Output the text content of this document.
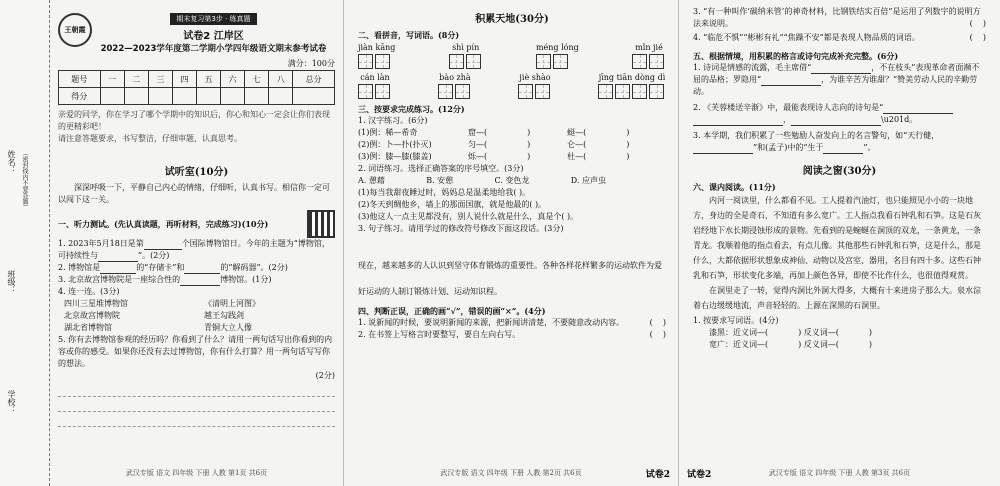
姓名： （密封线内不要答题）
班级：
学校：
王朝霞
期末复习第3步 · 练真题
试卷2 江岸区
2022—2023学年度第二学期小学四年级语文期末参考试卷
满分：100分
题号	一	二	三	四	五	六	七	八	总分
得分									
亲爱的同学，你在学习了哪个学期中的知识后，你心和知心一定会让你们表现的更精彩吧！
请注意答题要求，书写整洁，仔细审题，认真思考。
试听室(10分)
深深呼吸一下，平静自己内心的情绪，仔细听，认真书写。相信你一定可以闯下这一关。
一、听力测试。(先认真读题，再听材料，完成练习)(10分)
1. 2023年5月18日是第	个国际博物馆日。今年的主题为“博物馆，可持续性与	”。(2分)
2. 博物馆是	的“存储卡”和	的“解码器”。(2分)
3. 北京故宫博物院是一座综合性的	博物馆。(1分)
4. 连一连。(3分)
四川三星堆博物馆
北京故宫博物院
湖北省博物馆
《清明上河图》
越王勾践剑
青铜大立人像
5. 你有去博物馆参观的经历吗？你看到了什么？请用一两句话写出你看到的内容或你的感受。如果你还没有去过博物馆，你有什么打算？用一两句话写写你的想法。
(2分)
武汉专版 语文 四年级 下册 人教 第1页 共6页
积累天地(30分)
二、看拼音，写词语。(8分)
jiàn kāng	shì pín	méng lóng	mǐn jié
cán làn	bào zhà	jiè shào	jīng tiān dòng dì
三、按要求完成练习。(12分)
1. 汉字练习。(6分)
(1)例：稀—希奇	窟—(	)	蜓—(	)
(2)例：卜—扑(扑灭)	匀—(	)	仑—(	)
(3)例：膝—膝(膝盖)	烁—(	)	杜—(	)
2. 词语练习。选择正确答案的序号填空。(3分)
A. 憩藉	B. 安憩	C. 变色龙	D. 应声虫
(1)每当我甜夜睡过时，妈妈总是温柔地给我( )。
(2)冬天到绸他乡，墙上的那面国旗，就是他最的( )。
(3)他这人一点主见都没有，别人说什么就是什么，真是个( )。
3. 句子练习。请用学过的修改符号修改下面这段话。(3分)
现在，越来越多的人认识到坚守体育锻炼的重要性。各种各样花样繁多的运动软件为爱好运动的人制订锻炼计划、运动知识程。
四、判断正误，正确的画“√”，错误的画“×”。(4分)
1. 说新闻的时候，要说明新闻的来源，把新闻讲清楚，不要随意改动内容。	(    )
2. 在书签上写格言时要整写，要自左向右写。	(    )
武汉专版 语文 四年级 下册 人教 第2页 共6页	试卷2
3. “有一种叫作‘碳纳米管’的神奇材料，比钢铁结实百倍”是运用了列数字的说明方法来说明。	(    )
4. “临危不惧”“彬彬有礼”“焦躁不安”都是表现人物品质的词语。	(    )
五、根据情境，用积累的格言或诗句完成补充完整。(6分)
1. 诗词是情感的流露，毛主席借“	，不在枝头”表现革命者面濒不屈的品格；罗隐用“	，为谁辛苦为谁甜？”赞美劳动人民的辛勤劳动。
2. 《芙蓉楼送辛渐》中，最能表现诗人志向的诗句是“
，	\u201d。
3. 本学期，我们积累了一些勉励人奋发向上的名言警句，如“天行健，”和(孟子)中的“生于	”。
阅读之窗(30分)
六、课内阅读。(11分)
内河一阅读里，什么都看不见。工人提着汽油灯，也只能照见小小的一块地方，身边的全是奇石，不知道有多么宽广。工人指点我看石钟乳和石笋。这是石灰岩经地下水长期浸蚀形成的景物。先看到的是蜿蜒在洞顶的双龙，一条黄龙，一条青龙。我顺着他的指点看去，有点儿像。其他那些石钟乳和石笋，这是什么，那是什么，大都依据形状想象成神仙、动物以及宫室、器用，名目有四十多。这些石钟乳和石笋，形状变化多端，再加上颜色各异，即使不比作什么，也很值得观赏。
在洞里走了一转，觉得内洞比外洞大得多，大概有十来进房子那么大。泉水淙着右边缓缓地流，声音轻轻的。上源在深黑的石洞里。
1. 按要求写词语。(4分)
漆黑：近义词—(	) 反义词—(	)
宽广：近义词—(	) 反义词—(	)
试卷2	武汉专版 语文 四年级 下册 人教 第3页 共6页
